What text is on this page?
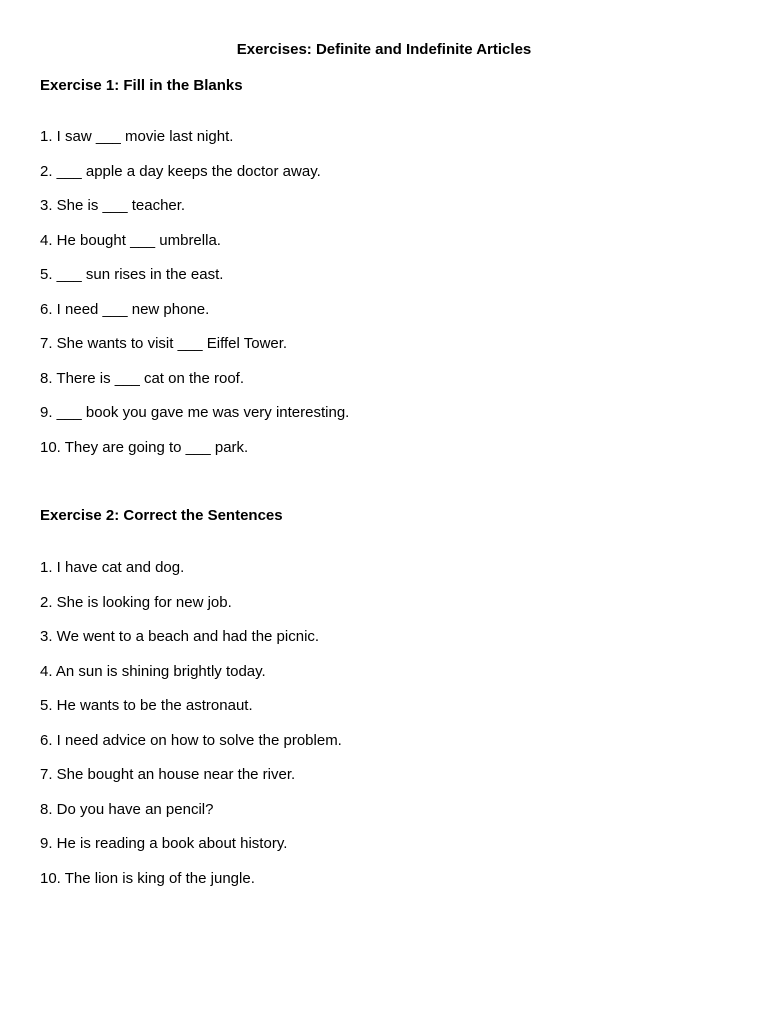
Exercises: Definite and Indefinite Articles
Exercise 1: Fill in the Blanks
1. I saw ___ movie last night.
2. ___ apple a day keeps the doctor away.
3. She is ___ teacher.
4. He bought ___ umbrella.
5. ___ sun rises in the east.
6. I need ___ new phone.
7. She wants to visit ___ Eiffel Tower.
8. There is ___ cat on the roof.
9. ___ book you gave me was very interesting.
10. They are going to ___ park.
Exercise 2: Correct the Sentences
1. I have cat and dog.
2. She is looking for new job.
3. We went to a beach and had the picnic.
4. An sun is shining brightly today.
5. He wants to be the astronaut.
6. I need advice on how to solve the problem.
7. She bought an house near the river.
8. Do you have an pencil?
9. He is reading a book about history.
10. The lion is king of the jungle.
